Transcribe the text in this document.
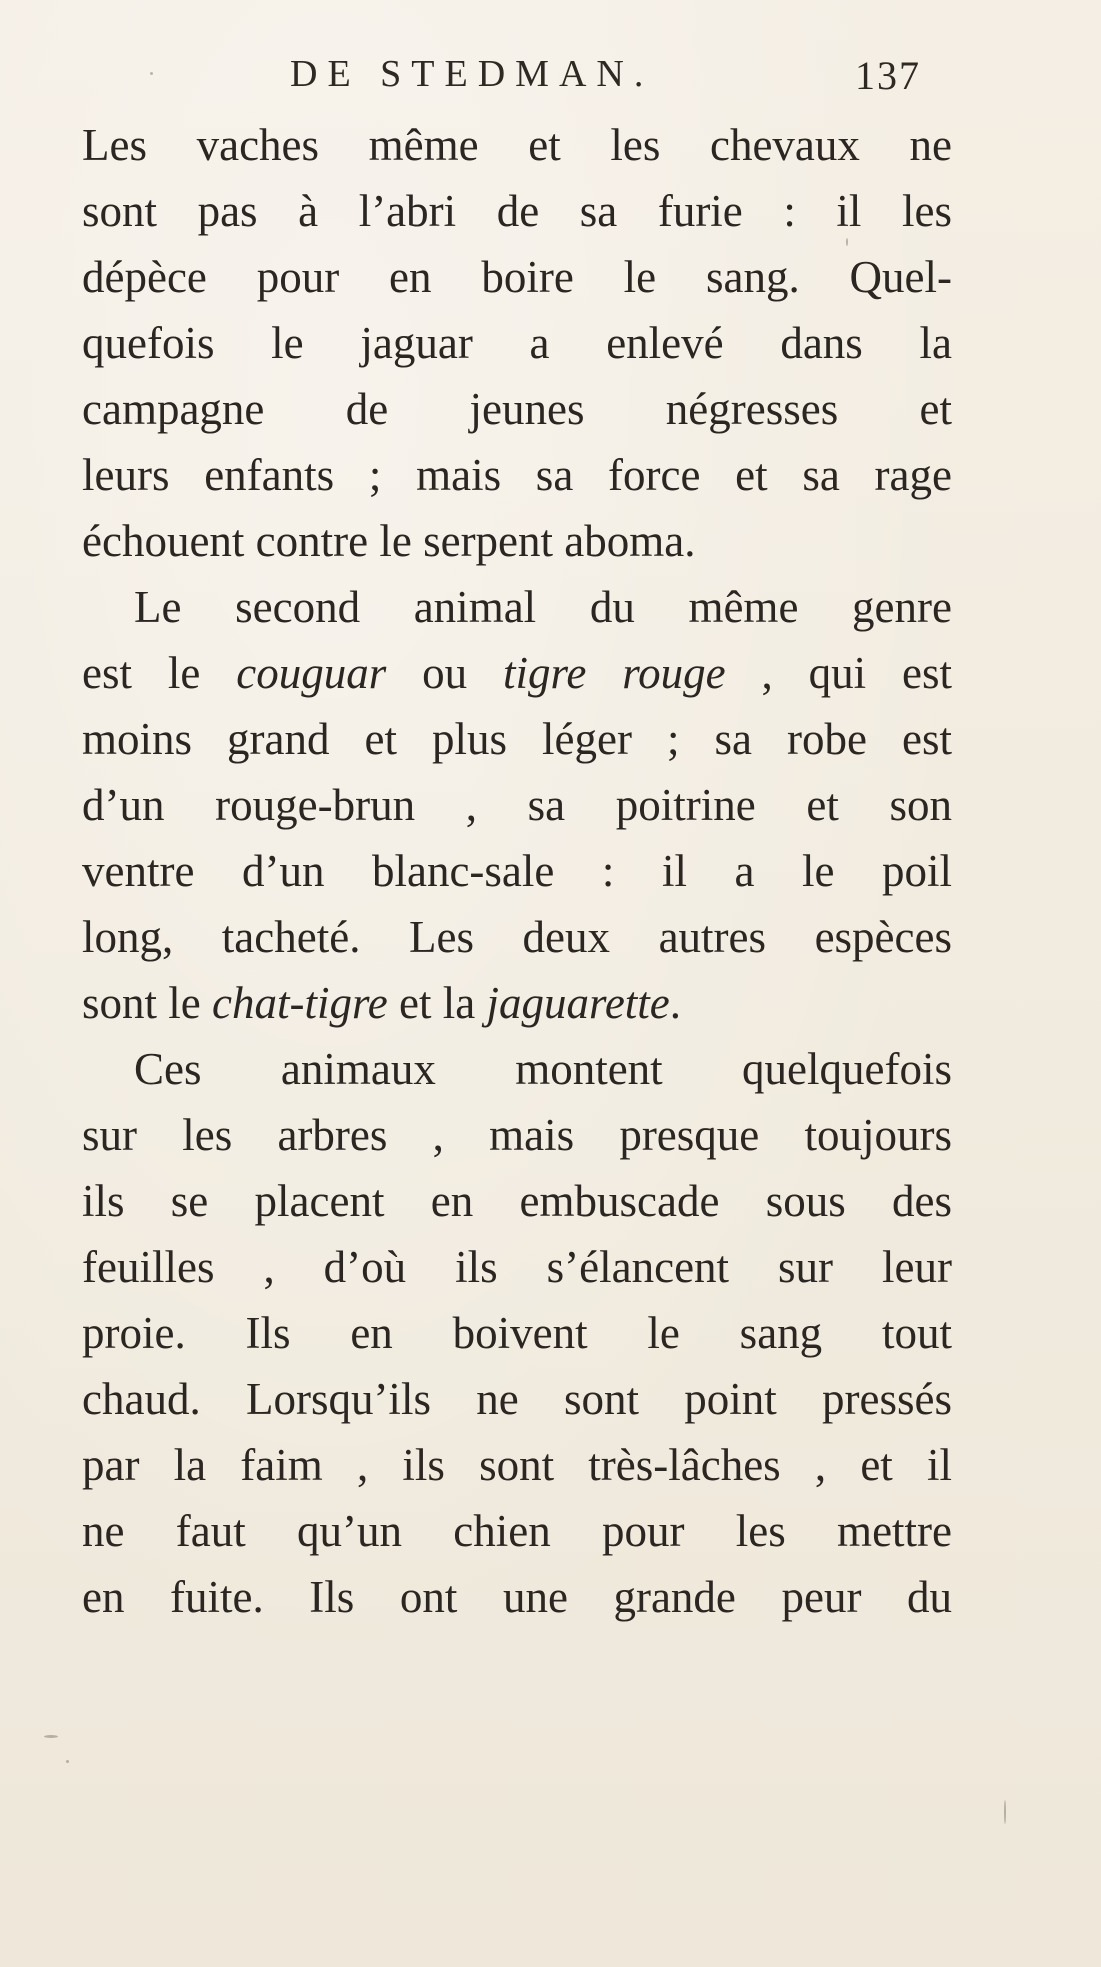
DE STEDMAN.	137
Les vaches même et les chevaux ne
sont pas à l’abri de sa furie : il les
dépèce pour en boire le sang. Quel-
quefois le jaguar a enlevé dans la
campagne de jeunes négresses et
leurs enfants ; mais sa force et sa rage
échouent contre le serpent aboma.
Le second animal du même genre
est le couguar ou tigre rouge , qui est
moins grand et plus léger ; sa robe est
d’un rouge-brun , sa poitrine et son
ventre d’un blanc-sale : il a le poil
long, tacheté. Les deux autres espèces
sont le chat-tigre et la jaguarette.
Ces animaux montent quelquefois
sur les arbres , mais presque toujours
ils se placent en embuscade sous des
feuilles , d’où ils s’élancent sur leur
proie. Ils en boivent le sang tout
chaud. Lorsqu’ils ne sont point pressés
par la faim , ils sont très-lâches , et il
ne faut qu’un chien pour les mettre
en fuite. Ils ont une grande peur du
